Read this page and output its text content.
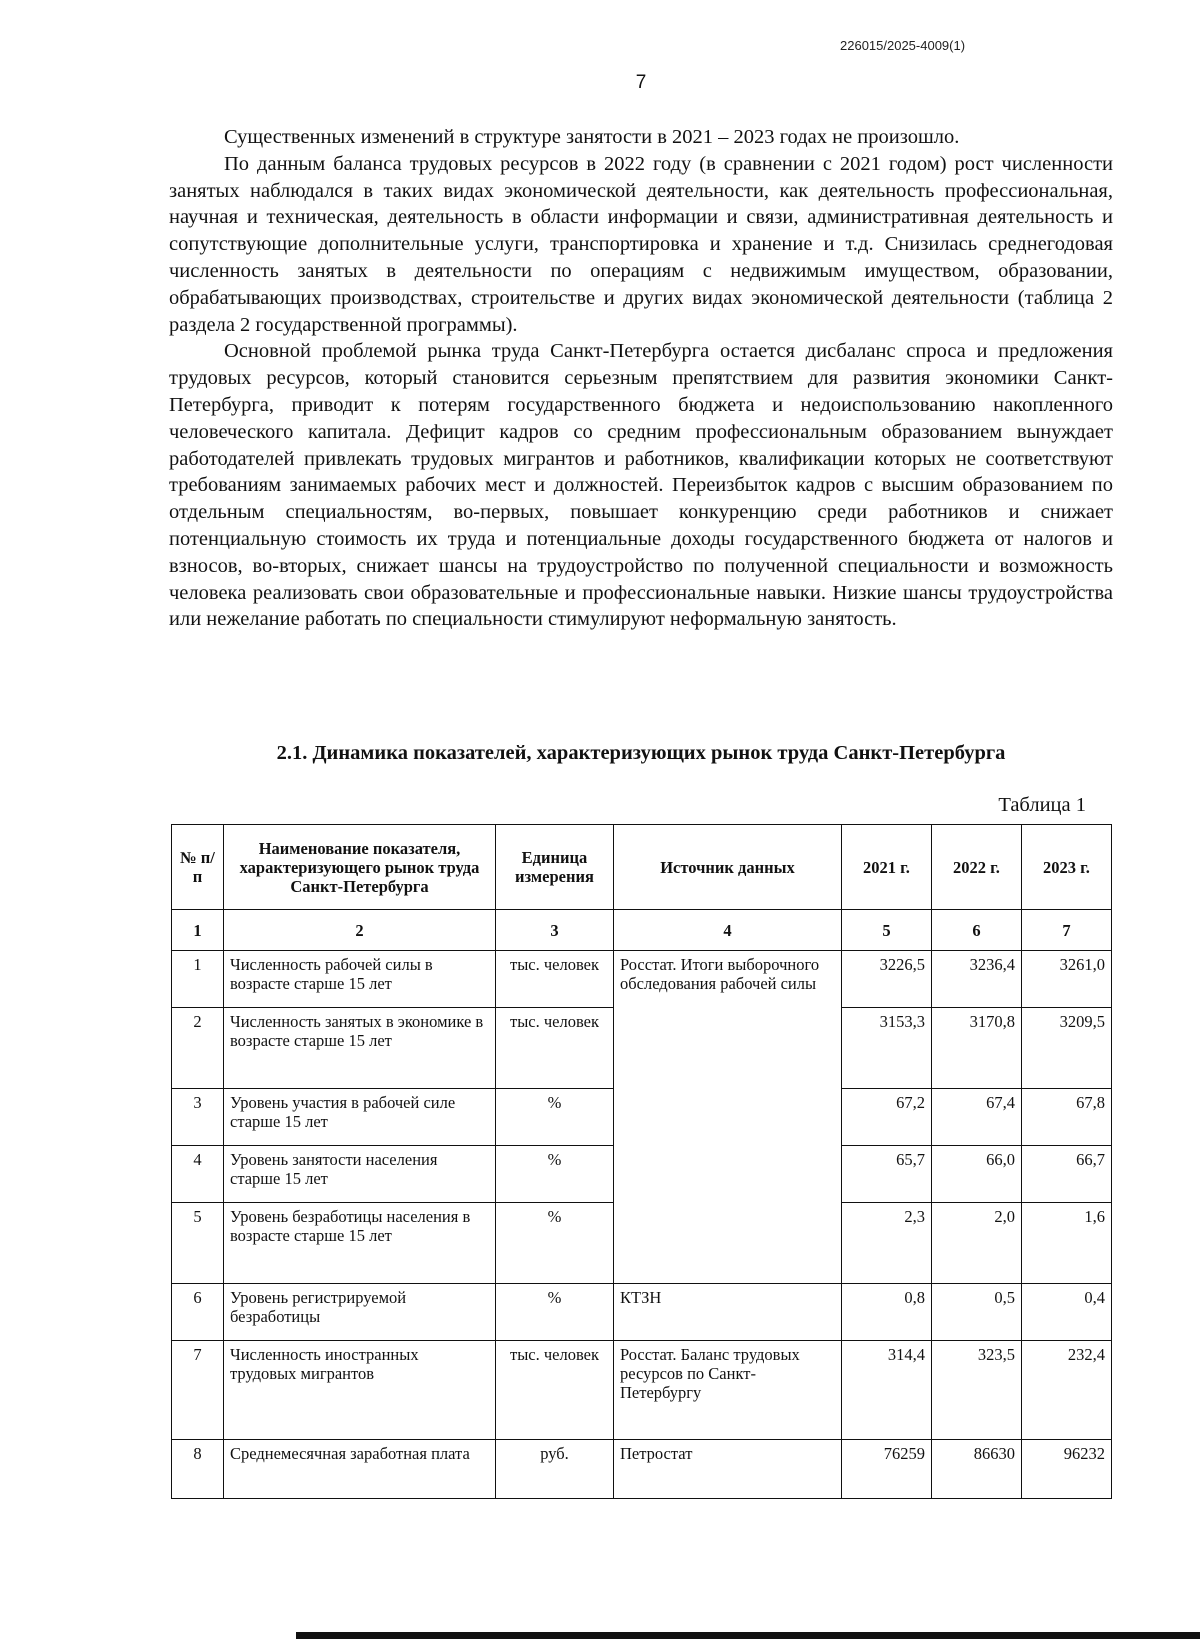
226015/2025-4009(1)
7

Существенных изменений в структуре занятости в 2021 – 2023 годах не произошло.

По данным баланса трудовых ресурсов в 2022 году (в сравнении с 2021 годом) рост численности занятых наблюдался в таких видах экономической деятельности, как деятельность профессиональная, научная и техническая, деятельность в области информации и связи, административная деятельность и сопутствующие дополнительные услуги, транспортировка и хранение и т.д. Снизилась среднегодовая численность занятых в деятельности по операциям с недвижимым имуществом, образовании, обрабатывающих производствах, строительстве и других видах экономической деятельности (таблица 2 раздела 2 государственной программы).

Основной проблемой рынка труда Санкт-Петербурга остается дисбаланс спроса и предложения трудовых ресурсов, который становится серьезным препятствием для развития экономики Санкт-Петербурга, приводит к потерям государственного бюджета и недоиспользованию накопленного человеческого капитала. Дефицит кадров со средним профессиональным образованием вынуждает работодателей привлекать трудовых мигрантов и работников, квалификации которых не соответствуют требованиям занимаемых рабочих мест и должностей. Переизбыток кадров с высшим образованием по отдельным специальностям, во-первых, повышает конкуренцию среди работников и снижает потенциальную стоимость их труда и потенциальные доходы государственного бюджета от налогов и взносов, во-вторых, снижает шансы на трудоустройство по полученной специальности и возможность человека реализовать свои образовательные и профессиональные навыки. Низкие шансы трудоустройства или нежелание работать по специальности стимулируют неформальную занятость.

2.1. Динамика показателей, характеризующих рынок труда Санкт-Петербурга
Таблица 1
№ п/п	Наименование показателя, характеризующего рынок труда Санкт-Петербурга	Единица измерения	Источник данных	2021 г.	2022 г.	2023 г.
1	2	3	4	5	6	7
1	Численность рабочей силы в возрасте старше 15 лет	тыс. человек	Росстат. Итоги выборочного обследования рабочей силы	3226,5	3236,4	3261,0
2	Численность занятых в экономике в возрасте старше 15 лет	тыс. человек		3153,3	3170,8	3209,5
3	Уровень участия в рабочей силе старше 15 лет	%		67,2	67,4	67,8
4	Уровень занятости населения старше 15 лет	%		65,7	66,0	66,7
5	Уровень безработицы населения в возрасте старше 15 лет	%		2,3	2,0	1,6
6	Уровень регистрируемой безработицы	%	КТЗН	0,8	0,5	0,4
7	Численность иностранных трудовых мигрантов	тыс. человек	Росстат. Баланс трудовых ресурсов по Санкт-Петербургу	314,4	323,5	232,4
8	Среднемесячная заработная плата	руб.	Петростат	76259	86630	96232
